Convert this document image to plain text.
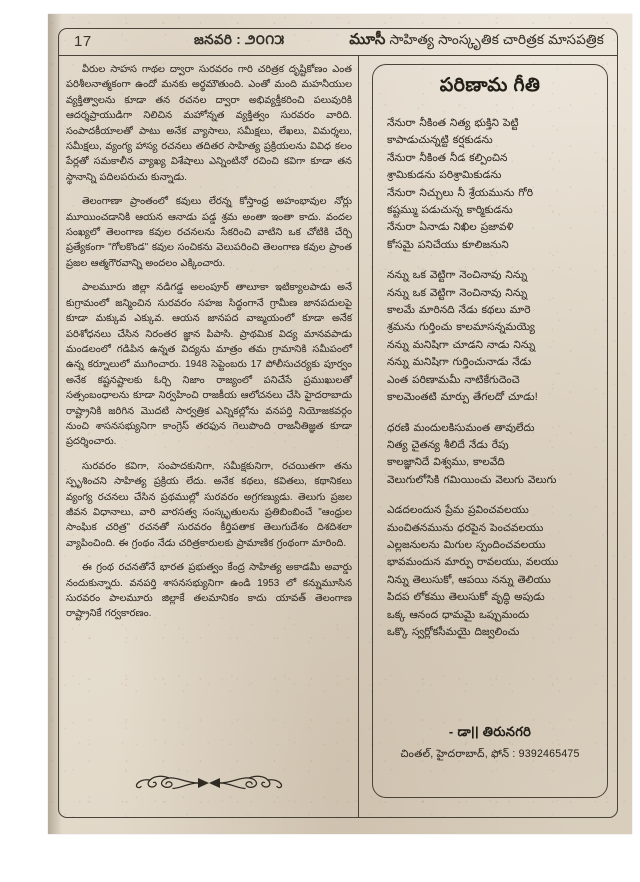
17	జనవరి : ౨౦౧౫	మూసీ సాహిత్య సాంస్కృతిక చారిత్రక మాసపత్రిక

వీరుల సాహస గాథల ద్వారా సురవరం గారి చరిత్రక దృష్టికోణం ఎంత పరిశీలనాత్మకంగా ఉందో మనకు అర్థమౌతుంది. ఎంతో మంది మహనీయుల వ్యక్తిత్వాలను కూడా తన రచనల ద్వారా అభివ్యక్తీకరించి పలువురికి ఆదర్శప్రాయుడిగా నిలిచిన మహోన్నత వ్యక్తిత్వం సురవరం వారిది. సంపాదకీయాలతో పాటు అనేక వ్యాసాలు, సమీక్షలు, లేఖలు, విమర్శలు, సమీక్షలు, వ్యంగ్య హాస్య రచనలు తదితర సాహిత్య ప్రక్రియలను వివిధ కలం పేర్లతో సమకాలీన వ్యాఖ్య విశేషాలు ఎన్నింటినో రచించి కవిగా కూడా తన స్థానాన్ని పదిలపరుచు కున్నాడు.

తెలంగాణా ప్రాంతంలో కవులు లేరన్న కోస్తాంధ్ర అహంభావుల నోర్లు మూయించడానికి ఆయన ఆనాడు పడ్డ శ్రమ అంతా ఇంతా కాదు. వందల సంఖ్యలో తెలంగాణ కవుల రచనలను సేకరించి వాటిని ఒక చోటికి చేర్చి ప్రత్యేకంగా "గోలకొండ" కవుల సంచికను వెలుపరించి తెలంగాణ కవుల ప్రాంత ప్రజల ఆత్మగౌరవాన్ని అందలం ఎక్కించారు.

పాలమూరు జిల్లా నడిగడ్డ అలంపూర్ తాలూకా ఇటిక్యాలపాడు అనే కుగ్రామంలో జన్మించిన సురవరం సహజ సిద్ధంగానే గ్రామీణ జానపదులపై కూడా మక్కువ ఎక్కువ. ఆయన జానపద వాఙ్మయంలో కూడా అనేక పరిశోధనలు చేసిన నిరంతర జ్ఞాన పిపాసి. ప్రాథమిక విద్య మానవపాడు మండలంలో గడిపిన ఉన్నత విద్యను మాత్రం తమ గ్రామానికి సమీపంలో ఉన్న కర్నూలులో ముగించారు. 1948 సెప్టెంబరు 17 పోలీసుచర్యకు పూర్వం అనేక కష్టనష్టాలకు ఓర్చి నిజాం రాజ్యంలో పనిచేసే ప్రముఖులతో సత్సంబంధాలను కూడా నిర్వహించి రాజకీయ ఆలోచనలు చేసి హైదరాబాదు రాష్ట్రానికి జరిగిన మొదటి సార్వత్రిక ఎన్నికల్లోను వనపర్తి నియోజకవర్గం నుంచి శాసనసభ్యునిగా కాంగ్రెస్ తరఫున గెలుపొంది రాజనీతిజ్ఞత కూడా ప్రదర్శించారు.

సురవరం కవిగా, సంపాదకునిగా, సమీక్షకునిగా, రచయితగా తను స్పృశించని సాహిత్య ప్రక్రియ లేదు. అనేక కథలు, కవితలు, కథానికలు వ్యంగ్య రచనలు చేసిన ప్రథముల్లో సురవరం అగ్రగణ్యుడు. తెలుగు ప్రజల జీవన విధానాలు, వారి వారసత్వ సంస్కృతులను ప్రతిబింబించే "ఆంధ్రుల సాంఘిక చరిత్ర" రచనతో సురవరం కీర్తిపతాక తెలుగుదేశం దిశదిశలా వ్యాపించింది. ఈ గ్రంథం నేడు చరిత్రకారులకు ప్రామాణిక గ్రంథంగా మారింది.

ఈ గ్రంథ రచనతోనే భారత ప్రభుత్వం కేంద్ర సాహిత్య అకాడమీ అవార్డు నందుకున్నారు. వనపర్తి శాసనసభ్యునిగా ఉండి 1953 లో కన్నుమూసిన సురవరం పాలమూరు జిల్లాకే తలమానికం కాదు యావత్ తెలంగాణ రాష్ట్రానికే గర్వకారణం.

పరిణామ గీతి
నేనురా నీకింత నిత్య భుక్తిని పెట్టి
కాపాడుచున్నట్టి కర్షకుడను
నేనురా నీకింత నీడ కల్పించిన
శ్రామికుడను పరిశ్రామికుడను
నేనురా నిచ్చులు నీ శ్రేయమును గోరి
కష్టమ్ము పడుచున్న కార్మికుడను
నేనురా ఏనాడు నిఖిల ప్రజావళి
కోసమై పనిచేయు కూలిజనుని
నన్ను ఒక వెట్టిగా నెంచినావు నిన్ను
నన్ను ఒక వెట్టిగా నెంచినావు నిన్ను
కాలమే మారినది నేడు కథలు మారె
శ్రమను గుర్తించు కాలమాసన్నమయ్యె
నన్ను మనిషిగా చూడని నాడు నిన్ను
నన్ను మనిషిగా గుర్తించునాడు నేడు
ఎంత పరిణామమీ నాటికేగుదెంచె
కాలమెంతటి మార్పు తేగలదో చూడు!
ధరణి మందులకిసుమంత తావులేదు
నిత్య చైతన్య శీలిదే నేడు రేపు
కాలజ్ఞానిదే విశ్వము, కాలవేది
వెలుగులోసికి గమియించు వెలుగు వెలుగు
ఎడదలందున ప్రేమ ప్రవించవలయు
మంచితనమును ధరపైన పెంచవలయు
ఎల్లజనులను మిగుల స్పందించవలయు
భావమందున మార్పు రావలయు, వలయు
నిన్ను తెలుసుకో, ఆపయి నన్ను తెలియు
పిదప లోకము తెలుసుకో వృద్ధి అపుడు
ఒక్క ఆనంద ధామమై ఒప్పుమందు
ఒక్కొ స్వర్లోకసీమయై దిజ్వలించు
- డా|| తిరునగరి
చింతల్, హైదరాబాద్, ఫోన్ : 9392465475
